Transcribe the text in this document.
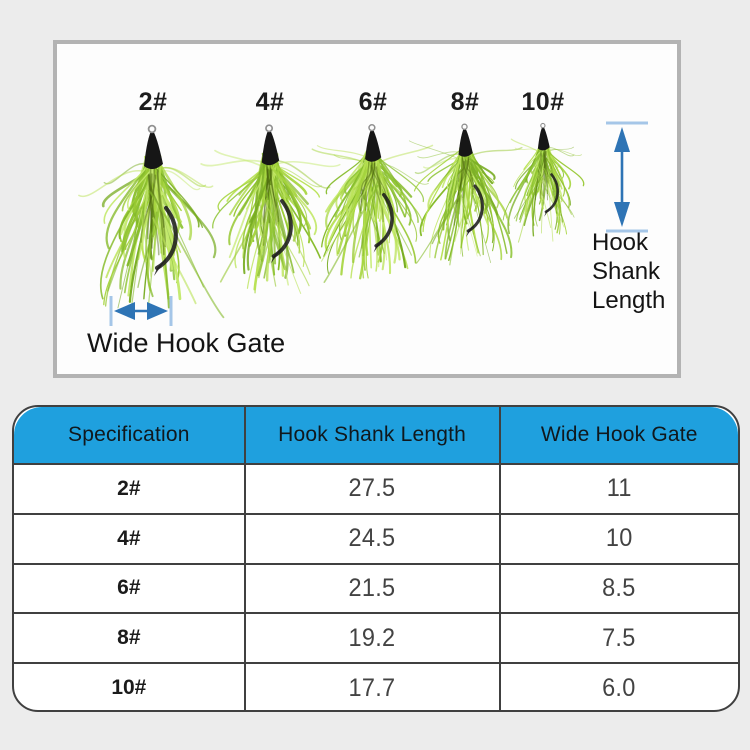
2#	4#	6#	8# 10#
Hook Shank Length
Wide Hook Gate
Specification	Hook Shank Length	Wide Hook Gate
2#	27.5	11
4#	24.5	10
6#	21.5	8.5
8#	19.2	7.5
10#	17.7	6.0
